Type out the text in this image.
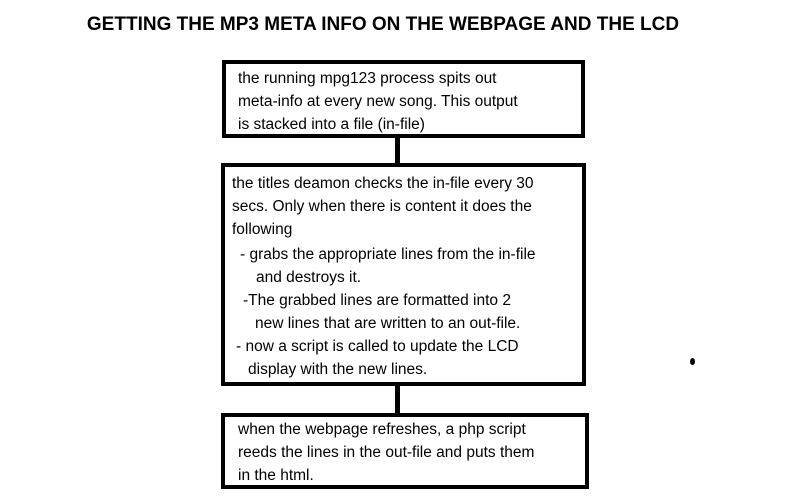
GETTING THE MP3 META INFO ON THE WEBPAGE AND THE LCD

the running mpg123 process spits out

meta-info at every new song. This output

is stacked into a file (in-file)

the titles deamon checks the in-file every 30

secs. Only when there is content it does the

following

- grabs the appropriate lines from the in-file
and destroys it.

-The grabbed lines are formatted into 2
new lines that are written to an out-file.

- now a script is called to update the LCD
display with the new lines.

when the webpage refreshes, a php script

reeds the lines in the out-file and puts them

in the html.
